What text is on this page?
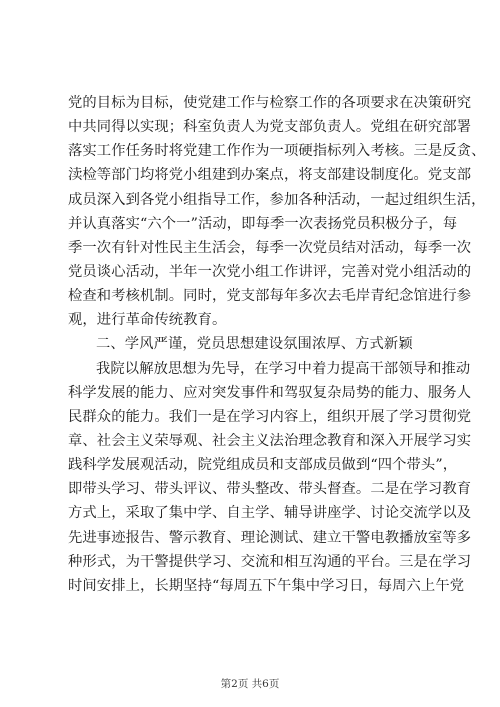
党的目标为目标，使党建工作与检察工作的各项要求在决策研究
中共同得以实现；科室负责人为党支部负责人。党组在研究部署
落实工作任务时将党建工作作为一项硬指标列入考核。三是反贪、
渎检等部门均将党小组建到办案点，将支部建设制度化。党支部
成员深入到各党小组指导工作，参加各种活动，一起过组织生活，
并认真落实“六个一”活动，即每季一次表扬党员积极分子，每
季一次有针对性民主生活会，每季一次党员结对活动，每季一次
党员谈心活动，半年一次党小组工作讲评，完善对党小组活动的
检查和考核机制。同时，党支部每年多次去毛岸青纪念馆进行参
观，进行革命传统教育。
二、学风严谨，党员思想建设氛围浓厚、方式新颖
我院以解放思想为先导，在学习中着力提高干部领导和推动
科学发展的能力、应对突发事件和驾驭复杂局势的能力、服务人
民群众的能力。我们一是在学习内容上，组织开展了学习贯彻党
章、社会主义荣辱观、社会主义法治理念教育和深入开展学习实
践科学发展观活动，院党组成员和支部成员做到“四个带头”，
即带头学习、带头评议、带头整改、带头督查。二是在学习教育
方式上，采取了集中学、自主学、辅导讲座学、讨论交流学以及
先进事迹报告、警示教育、理论测试、建立干警电教播放室等多
种形式，为干警提供学习、交流和相互沟通的平台。三是在学习
时间安排上，长期坚持“每周五下午集中学习日，每周六上午党
第2页 共6页
